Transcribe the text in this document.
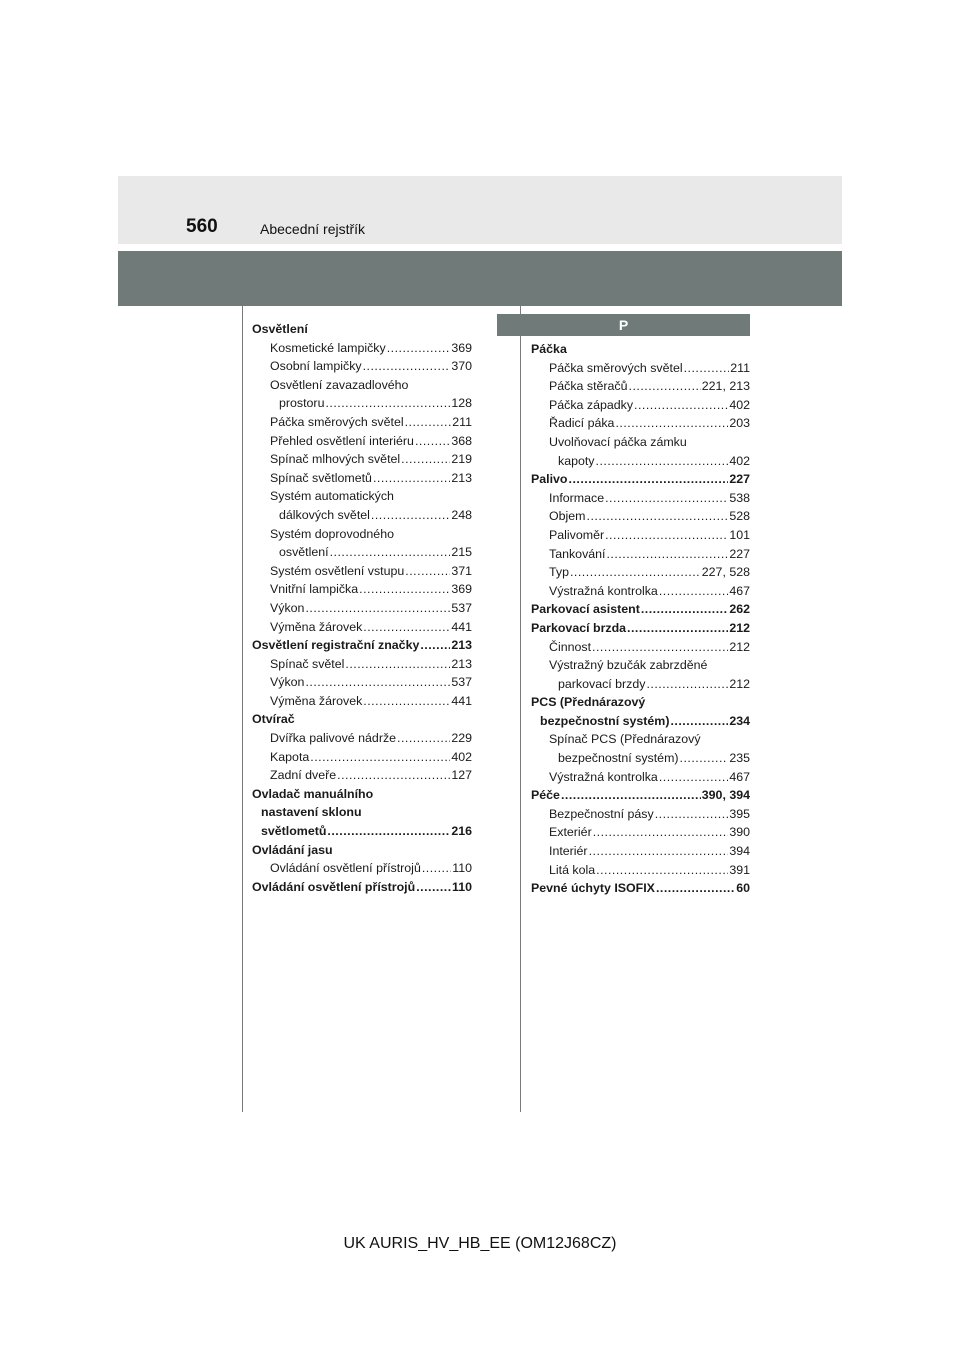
560	Abecední rejstřík
Osvětlení
Kosmetické lampičky .....	369
Osobní lampičky .....	370
Osvětlení zavazadlového
prostoru .....	128
Páčka směrových světel .....	211
Přehled osvětlení interiéru .....	368
Spínač mlhových světel .....	219
Spínač světlometů .....	213
Systém automatických
dálkových světel .....	248
Systém doprovodného
osvětlení .....	215
Systém osvětlení vstupu .....	371
Vnitřní lampička .....	369
Výkon .....	537
Výměna žárovek .....	441
Osvětlení registrační značky .....	213
Spínač světel .....	213
Výkon .....	537
Výměna žárovek .....	441
Otvírač
Dvířka palivové nádrže .....	229
Kapota .....	402
Zadní dveře .....	127
Ovladač manuálního
nastavení sklonu
světlometů .....	216
Ovládání jasu
Ovládání osvětlení přístrojů .....	110
Ovládání osvětlení přístrojů .....	110
P
Páčka
Páčka směrových světel .....	211
Páčka stěračů .....	221, 213
Páčka západky .....	402
Řadicí páka .....	203
Uvolňovací páčka zámku
kapoty .....	402
Palivo .....	227
Informace .....	538
Objem .....	528
Palivoměr .....	101
Tankování .....	227
Typ .....	227, 528
Výstražná kontrolka .....	467
Parkovací asistent .....	262
Parkovací brzda .....	212
Činnost .....	212
Výstražný bzučák zabrzděné
parkovací brzdy .....	212
PCS (Přednárazový
bezpečnostní systém) .....	234
Spínač PCS (Přednárazový
bezpečnostní systém) .....	235
Výstražná kontrolka .....	467
Péče .....	390, 394
Bezpečnostní pásy .....	395
Exteriér .....	390
Interiér .....	394
Litá kola .....	391
Pevné úchyty ISOFIX .....	60
UK AURIS_HV_HB_EE (OM12J68CZ)
